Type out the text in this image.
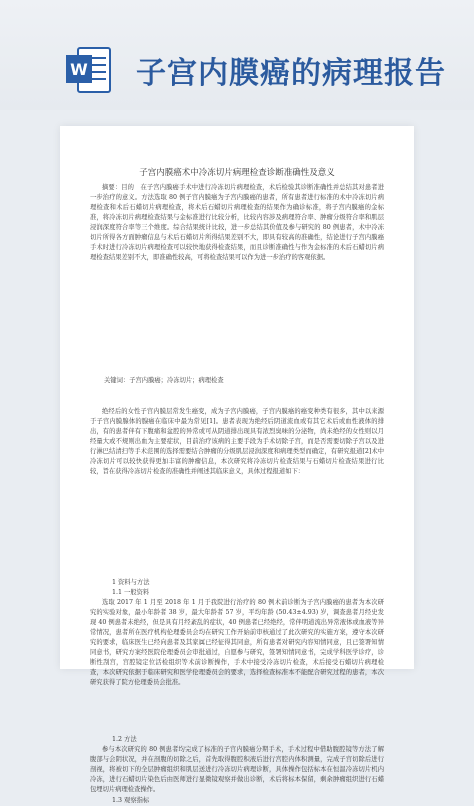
W 子宫内膜癌的病理报告
子宫内膜癌术中冷冻切片病理检查诊断准确性及意义
摘要：目的　在子宫内膜癌手术中进行冷冻切片病理检查，术后检验其诊断准确性并总结其对患者进一步治疗的意义。方法选取 80 例子宫内膜癌为子宫内膜癌的患者，所有患者进行标准的术中冷冻切片病理检查和术后石蜡切片病理检查，将术后石蜡切片病理检查的结果作为确诊标准，将子宫内膜癌的金标准，将冷冻切片病理检查结果与金标准进行比较分析，比较内容涉及病理符合率、肿瘤分级符合率和肌层浸润深度符合率等三个维度。综合结果统计比较，进一步总结其价值及参与研究的 80 例患者，术中冷冻切片所得各方面肿瘤信息与术后石蜡切片所得结果差别不大，即具有较高的准确性，结论进行子宫内膜癌手术时进行冷冻切片病理检查可以较快地获得检查结果，而且诊断准确性与作为金标准的术后石蜡切片病理检查结果差别不大，即准确性较高，可将检查结果可以作为进一步治疗的客观依据。
关键词：子宫内膜癌；冷冻切片；病理检查
绝经后的女性子宫内膜层常发生癌变，成为子宫内膜癌，子宫内膜癌的癌变种类有很多，其中以来源于子宫内膜腺体的腺癌在临床中最为常见[1]。患者表现为绝经后阴道流血或有其它术后或血性液体的排出，有的患者伴有下腹痛和盆腔的异常或可从阴道排出现具有浓烈臭味的分泌物，尚未绝经的女性则以月经量大或不规则出血为主要症状，目前治疗该病的主要手段为手术切除子宫，而是否需要切除子宫以及进行淋巴结清扫等手术范围的选择需要结合肿瘤的分级肌层浸润深度和病理类型而确定，有研究报道[2]术中冷冻切片可以较快获得更加丰富的肿瘤信息，本次研究将冷冻切片检查结果与石蜡切片检查结果进行比较，旨在获得冷冻切片检查的准确性并阐述其临床意义，具体过程报道如下：
1 资料与方法
1.1 一般资料
选取 2017 年 1 月至 2018 年 1 月于我院进行治疗的 80 例术前诊断为子宫内膜癌的患者为本次研究的实验对象，最小年龄者 38 岁，最大年龄者 57 岁，平均年龄 (50.43±4.93) 岁，调查患者月经史发现 40 例患者未绝经，但是具有月经紊乱的症状，40 例患者已经绝经，常伴明道流出异常液体或血液等异常情况，患者所在医疗机构伦理委员会均在研究工作开始前审核通过了此次研究的实施方案，遵守本次研究的要求，临床医生已经向患者及其家属已经征得其同意，所有患者对研究内容知情同意，且已签署知情同意书，研究方案经医院伦理委员会审批通过，自愿参与研究，签署知情同意书，完成学科医学诊疗，诊断性刮宫，宫腔镜定位活检组织等术前诊断操作，手术中接受冷冻切片检查，术后接受石蜡切片病理检查，本次研究依据于临床研究和医学伦理委员会的要求，选择检查标准本不能配合研究过程的患者，本次研究获得了院方伦理委员会批准。
1.2 方法
参与本次研究的 80 例患者均完成了标准的子宫内膜癌分期手术，手术过程中借助腹腔镜等方法了解腹部与会阴状况，并在剖腹的切除之后，首先取得腹腔积液后进行宫腔内体积测量，完成子宫切除后进行剖视，将被切下的全层肿瘤组织和肌层送进行冷冻切片病理诊断，具体操作包括标本在恒温冷冻切片机内冷冻，进行石蜡切片染色后由医师进行显微镜观察并做出诊断，术后将标本保留，剩余肿瘤组织进行石蜡包埋切片病理检查操作。
1.3 观察指标
